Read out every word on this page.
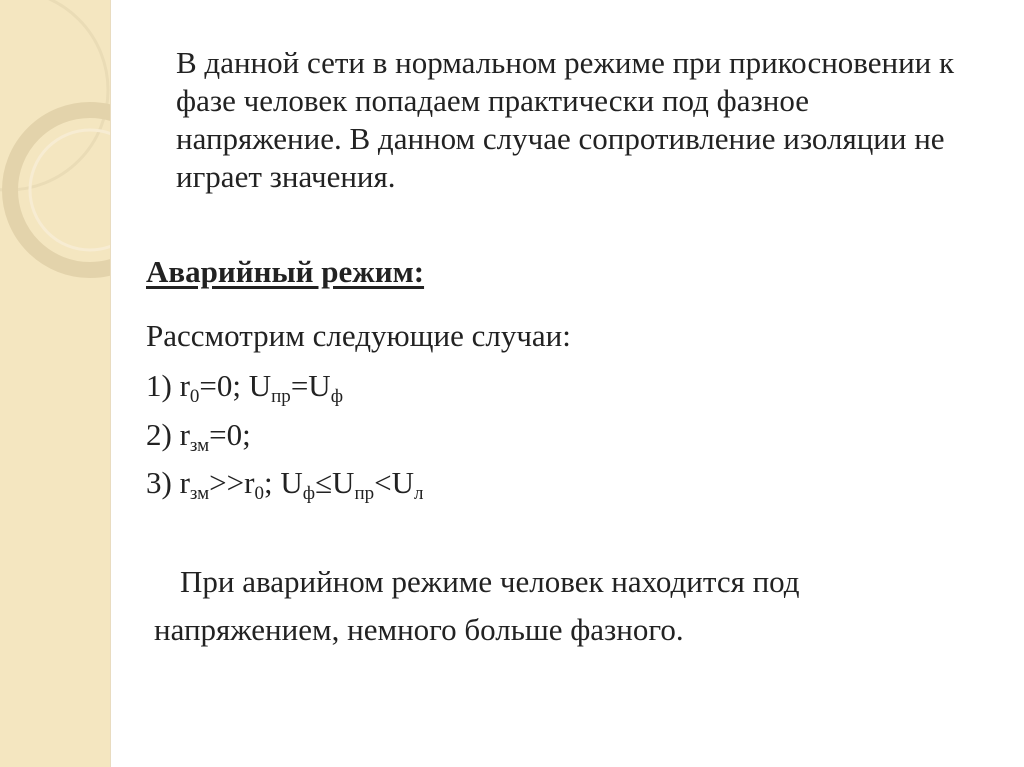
В данной сети в нормальном режиме при прикосновении к фазе человек попадаем практически под фазное напряжение. В данном случае сопротивление изоляции не играет значения.

Аварийный режим:

Рассмотрим следующие случаи:

1) $r_0=0$; $U_{пр}=U_ф$

2) $r_{зм}=0$;

3) $r_{зм}>>r_0$; $U_ф\le U_{пр}<U_л$

При аварийном режиме человек находится под
напряжением, немного больше фазного.
